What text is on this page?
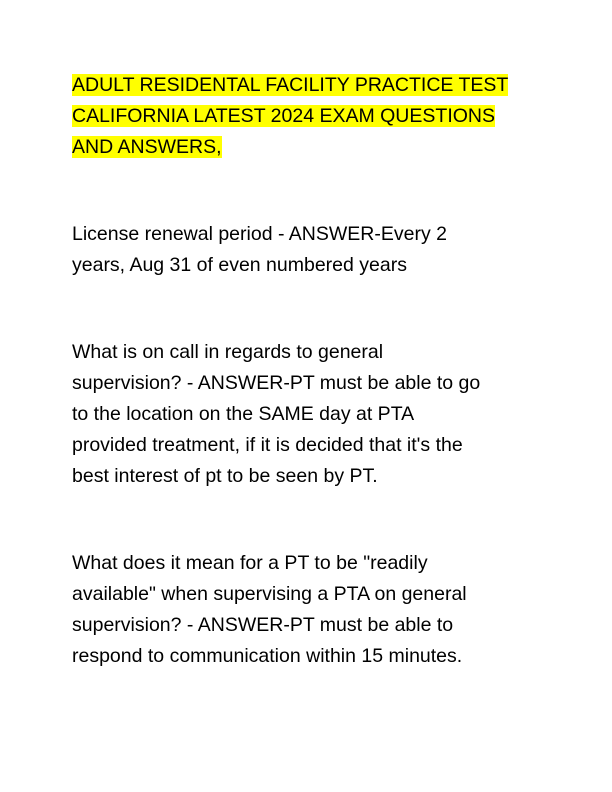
ADULT RESIDENTAL FACILITY PRACTICE TEST
CALIFORNIA LATEST 2024 EXAM QUESTIONS
AND ANSWERS,

License renewal period - ANSWER-Every 2
years, Aug 31 of even numbered years

What is on call in regards to general
supervision? - ANSWER-PT must be able to go
to the location on the SAME day at PTA
provided treatment, if it is decided that it's the
best interest of pt to be seen by PT.

What does it mean for a PT to be "readily
available" when supervising a PTA on general
supervision? - ANSWER-PT must be able to
respond to communication within 15 minutes.
